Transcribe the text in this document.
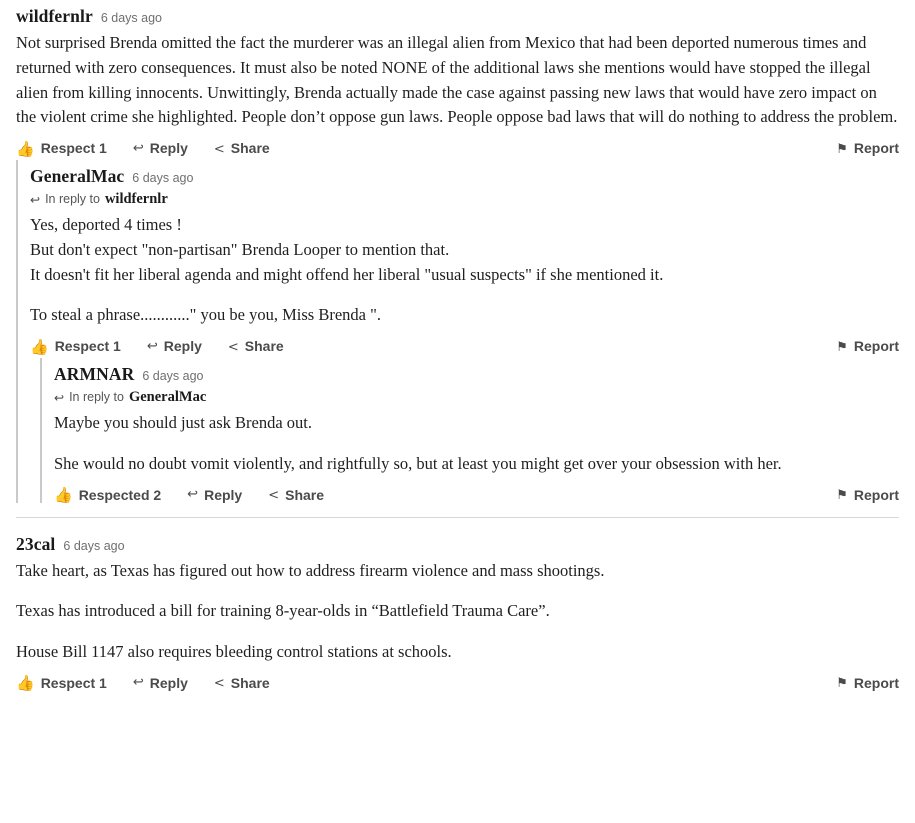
wildfernlr 6 days ago

Not surprised Brenda omitted the fact the murderer was an illegal alien from Mexico that had been deported numerous times and returned with zero consequences. It must also be noted NONE of the additional laws she mentions would have stopped the illegal alien from killing innocents. Unwittingly, Brenda actually made the case against passing new laws that would have zero impact on the violent crime she highlighted. People don’t oppose gun laws. People oppose bad laws that will do nothing to address the problem.

👍 Respect 1 ↩ Reply < Share	⚑ Report
GeneralMac 6 days ago
↩ In reply to wildfernlr

Yes, deported 4 times !

But don't expect "non-partisan" Brenda Looper to mention that.

It doesn't fit her liberal agenda and might offend her liberal "usual suspects" if she mentioned it.

To steal a phrase............" you be you, Miss Brenda ".

👍 Respect 1 ↩ Reply < Share	⚑ Report
ARMNAR 6 days ago
↩ In reply to GeneralMac

Maybe you should just ask Brenda out.

She would no doubt vomit violently, and rightfully so, but at least you might get over your obsession with her.

👍 Respected 2 ↩ Reply < Share	⚑ Report
23cal 6 days ago

Take heart, as Texas has figured out how to address firearm violence and mass shootings.

Texas has introduced a bill for training 8-year-olds in “Battlefield Trauma Care”.

House Bill 1147 also requires bleeding control stations at schools.

👍 Respect 1 ↩ Reply < Share	⚑ Report
